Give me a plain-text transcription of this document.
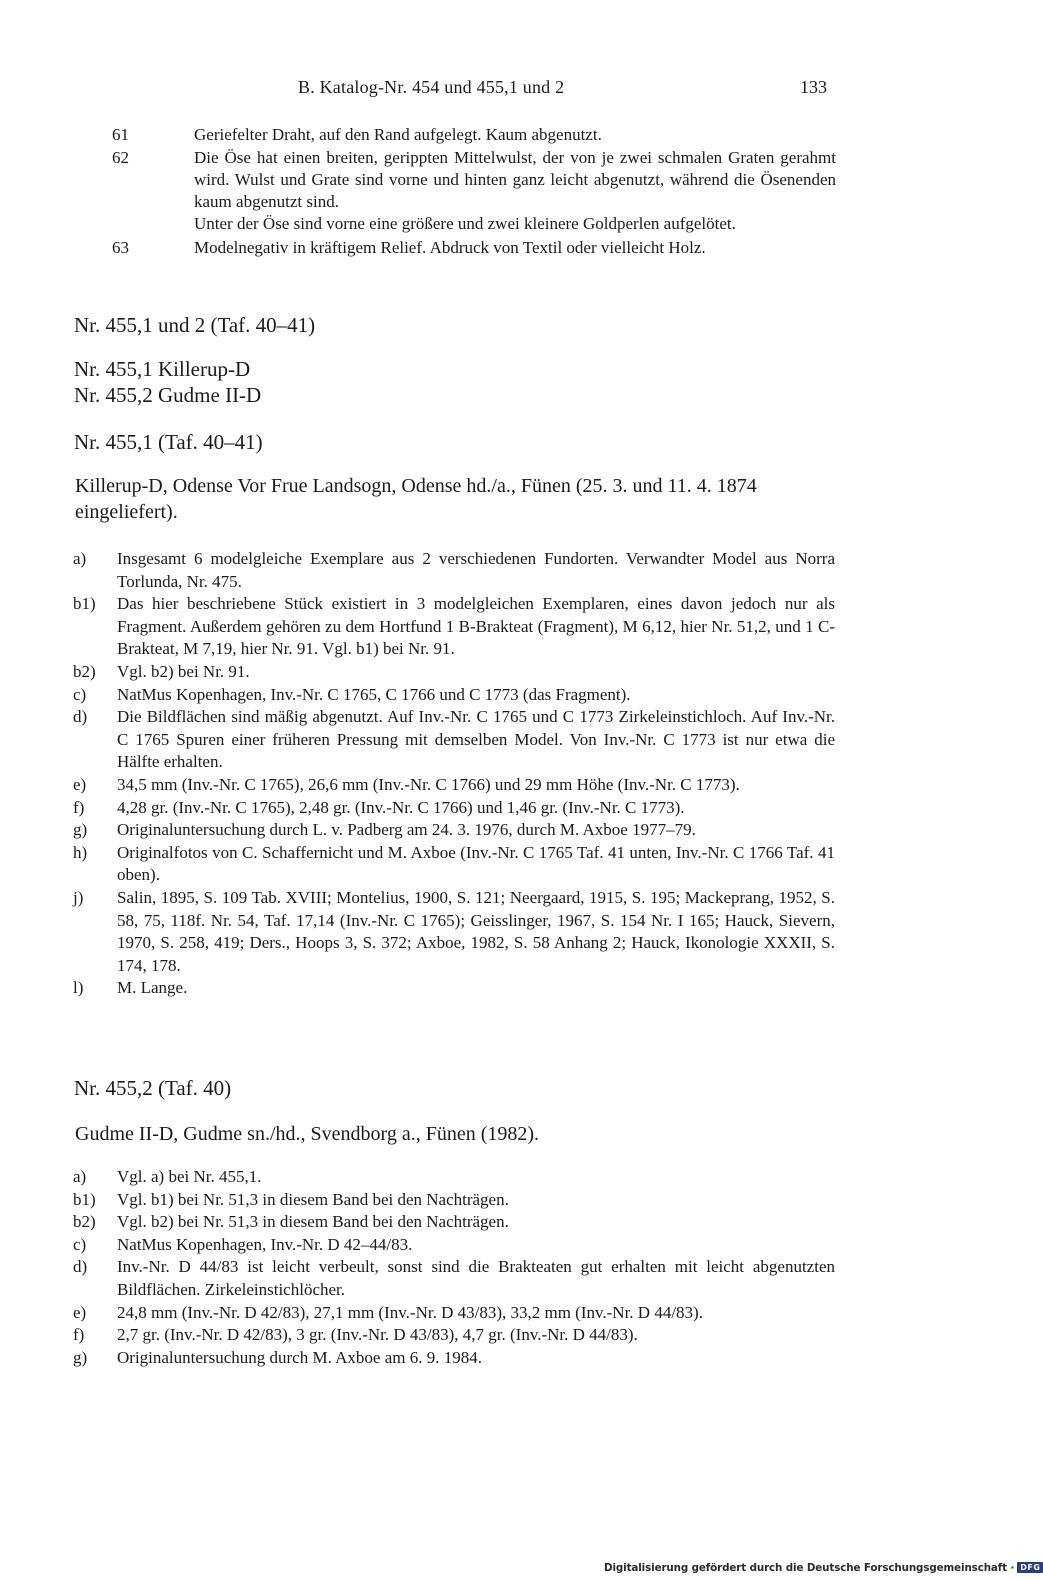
B. Katalog-Nr. 454 und 455,1 und 2	133
61	Geriefelter Draht, auf den Rand aufgelegt. Kaum abgenutzt.

62	Die Öse hat einen breiten, gerippten Mittelwulst, der von je zwei schmalen Graten gerahmt wird. Wulst und Grate sind vorne und hinten ganz leicht abgenutzt, während die Ösenenden kaum abgenutzt sind.

Unter der Öse sind vorne eine größere und zwei kleinere Goldperlen aufgelötet.

63	Modelnegativ in kräftigem Relief. Abdruck von Textil oder vielleicht Holz.

Nr. 455,1 und 2 (Taf. 40–41)
Nr. 455,1 Killerup-D
Nr. 455,2 Gudme II-D
Nr. 455,1 (Taf. 40–41)
Killerup-D, Odense Vor Frue Landsogn, Odense hd./a., Fünen (25. 3. und 11. 4. 1874 eingeliefert).
a) Insgesamt 6 modelgleiche Exemplare aus 2 verschiedenen Fundorten. Verwandter Model aus Norra Torlunda, Nr. 475.
b1) Das hier beschriebene Stück existiert in 3 modelgleichen Exemplaren, eines davon jedoch nur als Fragment. Außerdem gehören zu dem Hortfund 1 B-Brakteat (Fragment), M 6,12, hier Nr. 51,2, und 1 C-Brakteat, M 7,19, hier Nr. 91. Vgl. b1) bei Nr. 91.
b2) Vgl. b2) bei Nr. 91.
c) NatMus Kopenhagen, Inv.-Nr. C 1765, C 1766 und C 1773 (das Fragment).
d) Die Bildflächen sind mäßig abgenutzt. Auf Inv.-Nr. C 1765 und C 1773 Zirkeleinstichloch. Auf Inv.-Nr. C 1765 Spuren einer früheren Pressung mit demselben Model. Von Inv.-Nr. C 1773 ist nur etwa die Hälfte erhalten.
e) 34,5 mm (Inv.-Nr. C 1765), 26,6 mm (Inv.-Nr. C 1766) und 29 mm Höhe (Inv.-Nr. C 1773).
f) 4,28 gr. (Inv.-Nr. C 1765), 2,48 gr. (Inv.-Nr. C 1766) und 1,46 gr. (Inv.-Nr. C 1773).
g) Originaluntersuchung durch L. v. Padberg am 24. 3. 1976, durch M. Axboe 1977–79.
h) Originalfotos von C. Schaffernicht und M. Axboe (Inv.-Nr. C 1765 Taf. 41 unten, Inv.-Nr. C 1766 Taf. 41 oben).
j) Salin, 1895, S. 109 Tab. XVIII; Montelius, 1900, S. 121; Neergaard, 1915, S. 195; Mackeprang, 1952, S. 58, 75, 118f. Nr. 54, Taf. 17,14 (Inv.-Nr. C 1765); Geisslinger, 1967, S. 154 Nr. I 165; Hauck, Sievern, 1970, S. 258, 419; Ders., Hoops 3, S. 372; Axboe, 1982, S. 58 Anhang 2; Hauck, Ikonologie XXXII, S. 174, 178.
l) M. Lange.
Nr. 455,2 (Taf. 40)
Gudme II-D, Gudme sn./hd., Svendborg a., Fünen (1982).
a) Vgl. a) bei Nr. 455,1.
b1) Vgl. b1) bei Nr. 51,3 in diesem Band bei den Nachträgen.
b2) Vgl. b2) bei Nr. 51,3 in diesem Band bei den Nachträgen.
c) NatMus Kopenhagen, Inv.-Nr. D 42–44/83.
d) Inv.-Nr. D 44/83 ist leicht verbeult, sonst sind die Brakteaten gut erhalten mit leicht abgenutzten Bildflächen. Zirkeleinstichlöcher.
e) 24,8 mm (Inv.-Nr. D 42/83), 27,1 mm (Inv.-Nr. D 43/83), 33,2 mm (Inv.-Nr. D 44/83).
f) 2,7 gr. (Inv.-Nr. D 42/83), 3 gr. (Inv.-Nr. D 43/83), 4,7 gr. (Inv.-Nr. D 44/83).
g) Originaluntersuchung durch M. Axboe am 6. 9. 1984.
Digitalisierung gefördert durch die Deutsche Forschungsgemeinschaft · DFG
